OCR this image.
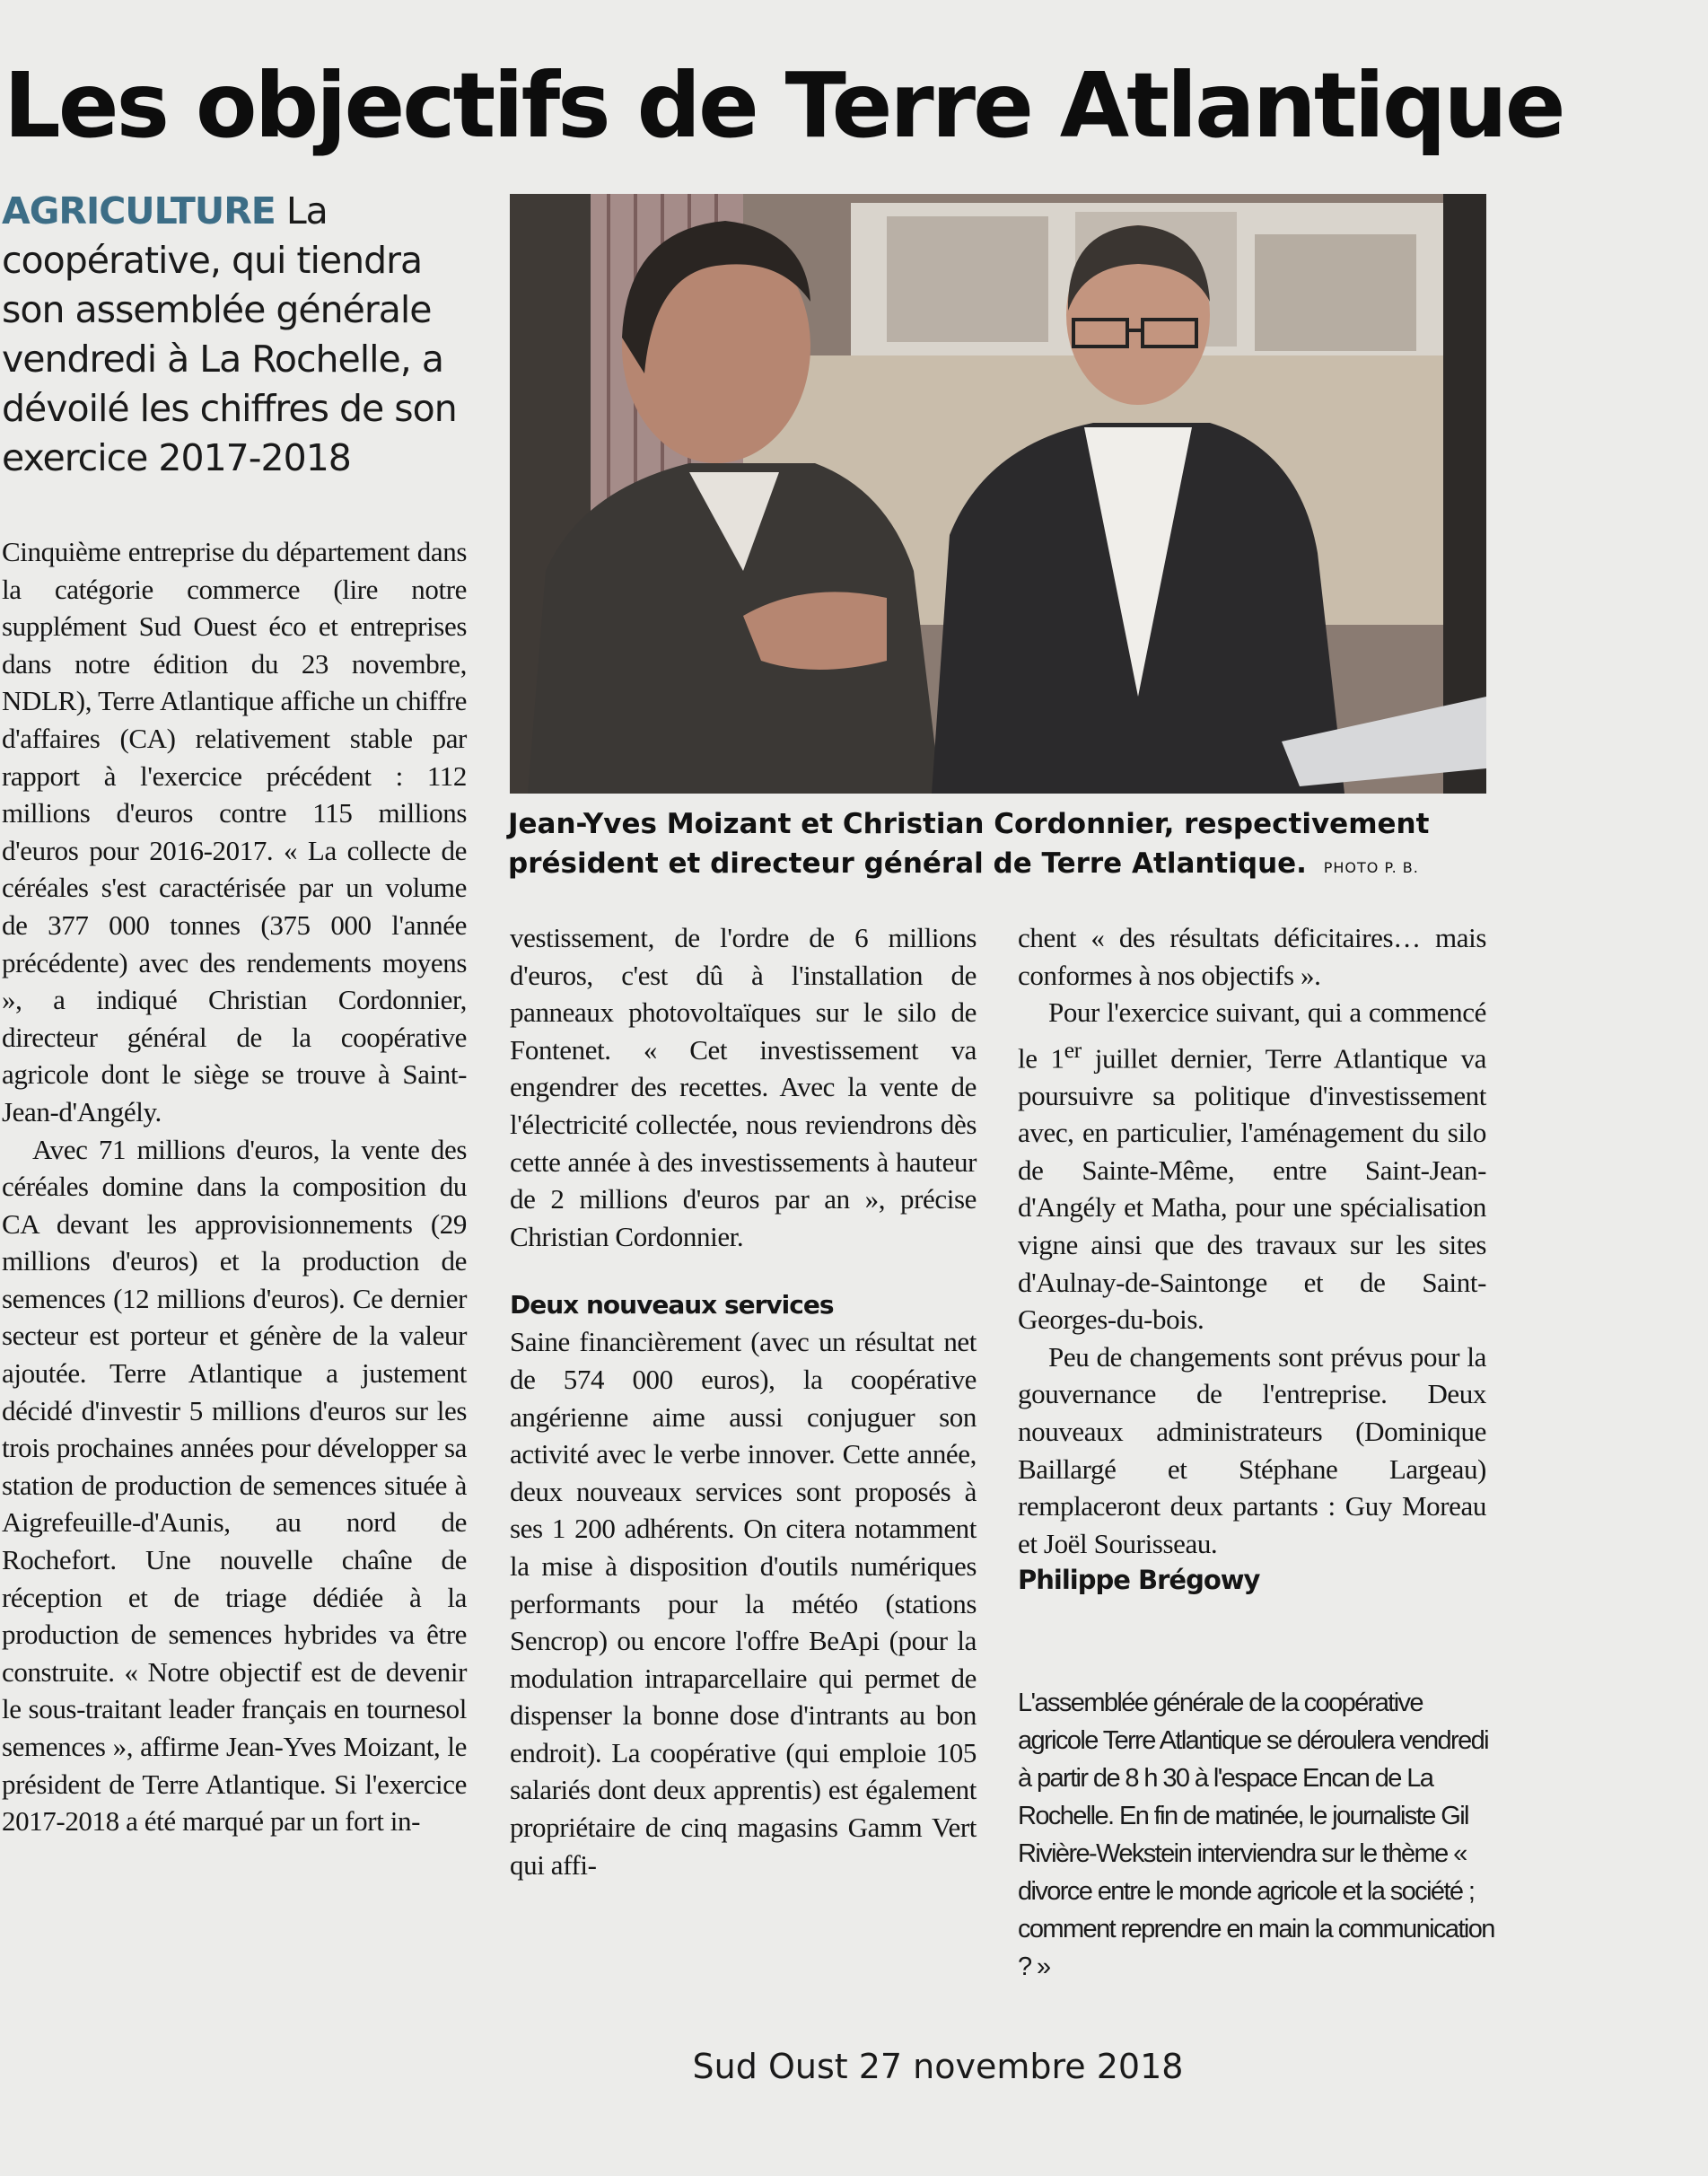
Les objectifs de Terre Atlantique
AGRICULTURE La coopérative, qui tiendra son assemblée générale vendredi à La Rochelle, a dévoilé les chiffres de son exercice 2017-2018
Jean-Yves Moizant et Christian Cordonnier, respectivement président et directeur général de Terre Atlantique. PHOTO P. B.

Cinquième entreprise du département dans la catégorie commerce (lire notre supplément Sud Ouest éco et entreprises dans notre édition du 23 novembre, NDLR), Terre Atlantique affiche un chiffre d'affaires (CA) relativement stable par rapport à l'exercice précédent : 112 millions d'euros contre 115 millions d'euros pour 2016-2017. « La collecte de céréales s'est caractérisée par un volume de 377 000 tonnes (375 000 l'année précédente) avec des rendements moyens », a indiqué Christian Cordonnier, directeur général de la coopérative agricole dont le siège se trouve à Saint-Jean-d'Angély.

Avec 71 millions d'euros, la vente des céréales domine dans la composition du CA devant les approvisionnements (29 millions d'euros) et la production de semences (12 millions d'euros). Ce dernier secteur est porteur et génère de la valeur ajoutée. Terre Atlantique a justement décidé d'investir 5 millions d'euros sur les trois prochaines années pour développer sa station de production de semences située à Aigrefeuille-d'Aunis, au nord de Rochefort. Une nouvelle chaîne de réception et de triage dédiée à la production de semences hybrides va être construite. « Notre objectif est de devenir le sous-traitant leader français en tournesol semences », affirme Jean-Yves Moizant, le président de Terre Atlantique. Si l'exercice 2017-2018 a été marqué par un fort in-

vestissement, de l'ordre de 6 millions d'euros, c'est dû à l'installation de panneaux photovoltaïques sur le silo de Fontenet. « Cet investissement va engendrer des recettes. Avec la vente de l'électricité collectée, nous reviendrons dès cette année à des investissements à hauteur de 2 millions d'euros par an », précise Christian Cordonnier.

Deux nouveaux services

Saine financièrement (avec un résultat net de 574 000 euros), la coopérative angérienne aime aussi conjuguer son activité avec le verbe innover. Cette année, deux nouveaux services sont proposés à ses 1 200 adhérents. On citera notamment la mise à disposition d'outils numériques performants pour la météo (stations Sencrop) ou encore l'offre BeApi (pour la modulation intraparcellaire qui permet de dispenser la bonne dose d'intrants au bon endroit). La coopérative (qui emploie 105 salariés dont deux apprentis) est également propriétaire de cinq magasins Gamm Vert qui affi-

chent « des résultats déficitaires… mais conformes à nos objectifs ».

Pour l'exercice suivant, qui a commencé le 1er juillet dernier, Terre Atlantique va poursuivre sa politique d'investissement avec, en particulier, l'aménagement du silo de Sainte-Même, entre Saint-Jean-d'Angély et Matha, pour une spécialisation vigne ainsi que des travaux sur les sites d'Aulnay-de-Saintonge et de Saint-Georges-du-bois.

Peu de changements sont prévus pour la gouvernance de l'entreprise. Deux nouveaux administrateurs (Dominique Baillargé et Stéphane Largeau) remplaceront deux partants : Guy Moreau et Joël Sourisseau.

Philippe Brégowy

L'assemblée générale de la coopérative agricole Terre Atlantique se déroulera vendredi à partir de 8 h 30 à l'espace Encan de La Rochelle. En fin de matinée, le journaliste Gil Rivière-Wekstein interviendra sur le thème « divorce entre le monde agricole et la société ; comment reprendre en main la communication ? »

Sud Oust 27 novembre 2018
